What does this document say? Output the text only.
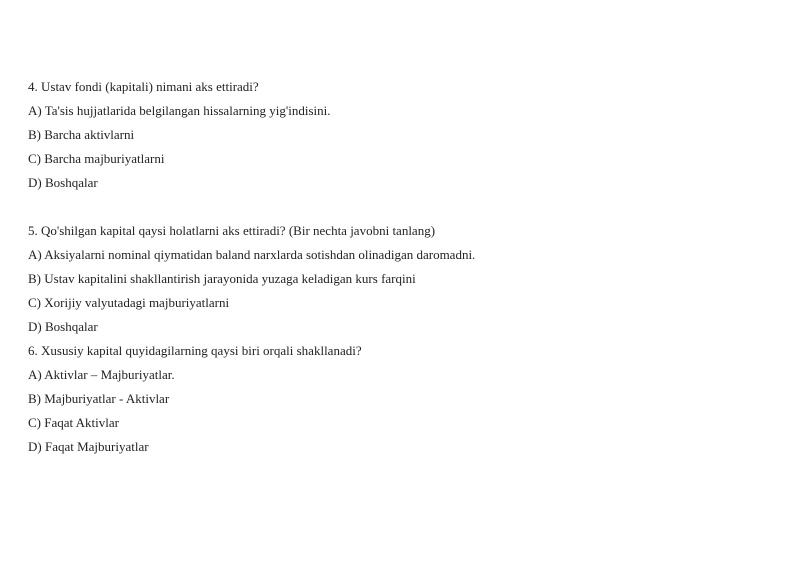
4. Ustav fondi (kapitali) nimani aks ettiradi?
A) Ta'sis hujjatlarida belgilangan hissalarning yig'indisini.
B) Barcha aktivlarni
C) Barcha majburiyatlarni
D) Boshqalar
5. Qo'shilgan kapital qaysi holatlarni aks ettiradi? (Bir nechta javobni tanlang)
A) Aksiyalarni nominal qiymatidan baland narxlarda sotishdan olinadigan daromadni.
B) Ustav kapitalini shakllantirish jarayonida yuzaga keladigan kurs farqini
C) Xorijiy valyutadagi majburiyatlarni
D) Boshqalar
6. Xususiy kapital quyidagilarning qaysi biri orqali shakllanadi?
A) Aktivlar – Majburiyatlar.
B) Majburiyatlar - Aktivlar
C) Faqat Aktivlar
D) Faqat Majburiyatlar
